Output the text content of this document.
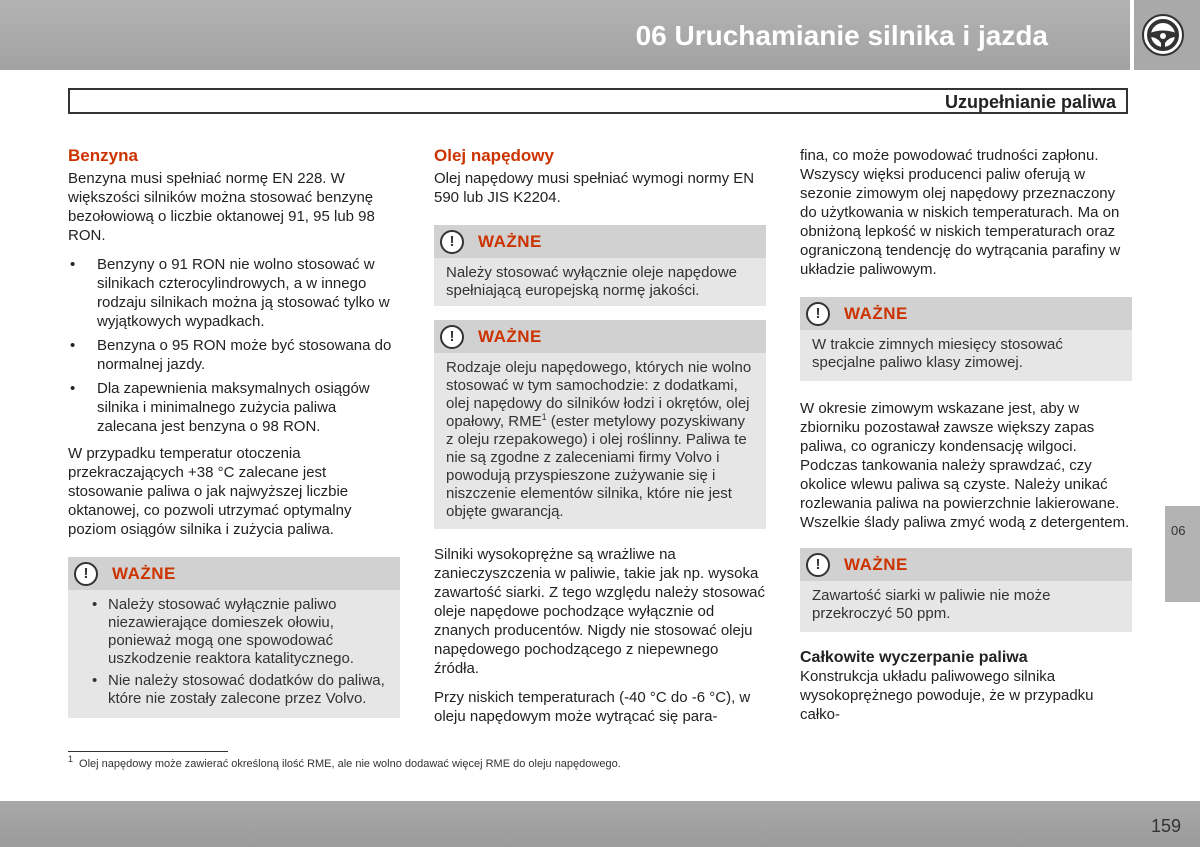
06 Uruchamianie silnika i jazda
Uzupełnianie paliwa
Benzyna

Benzyna musi spełniać normę EN 228. W większości silników można stosować benzynę bezołowiową o liczbie oktanowej 91, 95 lub 98 RON.

• Benzyny o 91 RON nie wolno stosować w silnikach czterocylindrowych, a w innego rodzaju silnikach można ją stosować tylko w wyjątkowych wypadkach.
• Benzyna o 95 RON może być stosowana do normalnej jazdy.
• Dla zapewnienia maksymalnych osiągów silnika i minimalnego zużycia paliwa zalecana jest benzyna o 98 RON.

W przypadku temperatur otoczenia przekraczających +38 °C zalecane jest stosowanie paliwa o jak najwyższej liczbie oktanowej, co pozwoli utrzymać optymalny poziom osiągów silnika i zużycia paliwa.

!	WAŻNE
• Należy stosować wyłącznie paliwo niezawierające domieszek ołowiu, ponieważ mogą one spowodować uszkodzenie reaktora katalitycznego.
• Nie należy stosować dodatków do paliwa, które nie zostały zalecone przez Volvo.
Olej napędowy

Olej napędowy musi spełniać wymogi normy EN 590 lub JIS K2204.

!	WAŻNE
Należy stosować wyłącznie oleje napędowe spełniającą europejską normę jakości.
!	WAŻNE
Rodzaje oleju napędowego, których nie wolno stosować w tym samochodzie: z dodatkami, olej napędowy do silników łodzi i okrętów, olej opałowy, RME$^1$ (ester metylowy pozyskiwany z oleju rzepakowego) i olej roślinny. Paliwa te nie są zgodne z zaleceniami firmy Volvo i powodują przyspieszone zużywanie się i niszczenie elementów silnika, które nie jest objęte gwarancją.

Silniki wysokoprężne są wrażliwe na zanieczyszczenia w paliwie, takie jak np. wysoka zawartość siarki. Z tego względu należy stosować oleje napędowe pochodzące wyłącznie od znanych producentów. Nigdy nie stosować oleju napędowego pochodzącego z niepewnego źródła.

Przy niskich temperaturach (-40 °C do -6 °C), w oleju napędowym może wytrącać się para-

fina, co może powodować trudności zapłonu. Wszyscy więksi producenci paliw oferują w sezonie zimowym olej napędowy przeznaczony do użytkowania w niskich temperaturach. Ma on obniżoną lepkość w niskich temperaturach oraz ograniczoną tendencję do wytrącania parafiny w układzie paliwowym.

!	WAŻNE
W trakcie zimnych miesięcy stosować specjalne paliwo klasy zimowej.

W okresie zimowym wskazane jest, aby w zbiorniku pozostawał zawsze większy zapas paliwa, co ograniczy kondensację wilgoci. Podczas tankowania należy sprawdzać, czy okolice wlewu paliwa są czyste. Należy unikać rozlewania paliwa na powierzchnie lakierowane. Wszelkie ślady paliwa zmyć wodą z detergentem.

!	WAŻNE
Zawartość siarki w paliwie nie może przekroczyć 50 ppm.
Całkowite wyczerpanie paliwa

Konstrukcja układu paliwowego silnika wysokoprężnego powoduje, że w przypadku całko-

$^1$ Olej napędowy może zawierać określoną ilość RME, ale nie wolno dodawać więcej RME do oleju napędowego.
06
159
